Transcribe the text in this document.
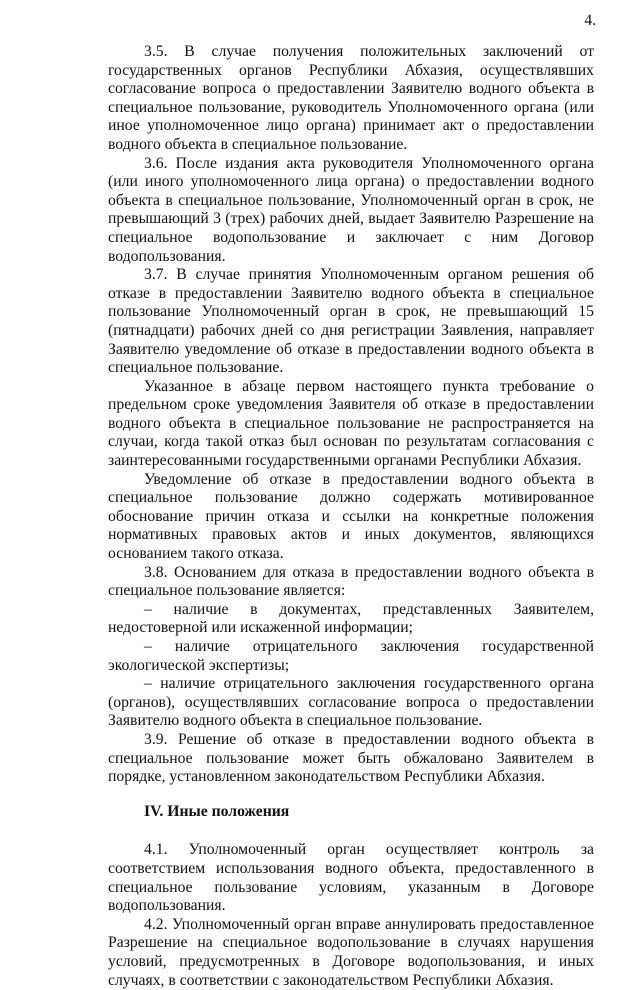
4.

3.5. В случае получения положительных заключений от государственных органов Республики Абхазия, осуществлявших согласование вопроса о предоставлении Заявителю водного объекта в специальное пользование, руководитель Уполномоченного органа (или иное уполномоченное лицо органа) принимает акт о предоставлении водного объекта в специальное пользование.

3.6. После издания акта руководителя Уполномоченного органа (или иного уполномоченного лица органа) о предоставлении водного объекта в специальное пользование, Уполномоченный орган в срок, не превышающий 3 (трех) рабочих дней, выдает Заявителю Разрешение на специальное водопользование и заключает с ним Договор водопользования.

3.7. В случае принятия Уполномоченным органом решения об отказе в предоставлении Заявителю водного объекта в специальное пользование Уполномоченный орган в срок, не превышающий 15 (пятнадцати) рабочих дней со дня регистрации Заявления, направляет Заявителю уведомление об отказе в предоставлении водного объекта в специальное пользование.

Указанное в абзаце первом настоящего пункта требование о предельном сроке уведомления Заявителя об отказе в предоставлении водного объекта в специальное пользование не распространяется на случаи, когда такой отказ был основан по результатам согласования с заинтересованными государственными органами Республики Абхазия.

Уведомление об отказе в предоставлении водного объекта в специальное пользование должно содержать мотивированное обоснование причин отказа и ссылки на конкретные положения нормативных правовых актов и иных документов, являющихся основанием такого отказа.

3.8. Основанием для отказа в предоставлении водного объекта в специальное пользование является:

– наличие в документах, представленных Заявителем, недостоверной или искаженной информации;

– наличие отрицательного заключения государственной экологической экспертизы;

– наличие отрицательного заключения государственного органа (органов), осуществлявших согласование вопроса о предоставлении Заявителю водного объекта в специальное пользование.

3.9. Решение об отказе в предоставлении водного объекта в специальное пользование может быть обжаловано Заявителем в порядке, установленном законодательством Республики Абхазия.

IV. Иные положения

4.1. Уполномоченный орган осуществляет контроль за соответствием использования водного объекта, предоставленного в специальное пользование условиям, указанным в Договоре водопользования.

4.2. Уполномоченный орган вправе аннулировать предоставленное Разрешение на специальное водопользование в случаях нарушения условий, предусмотренных в Договоре водопользования, и иных случаях, в соответствии с законодательством Республики Абхазия.
